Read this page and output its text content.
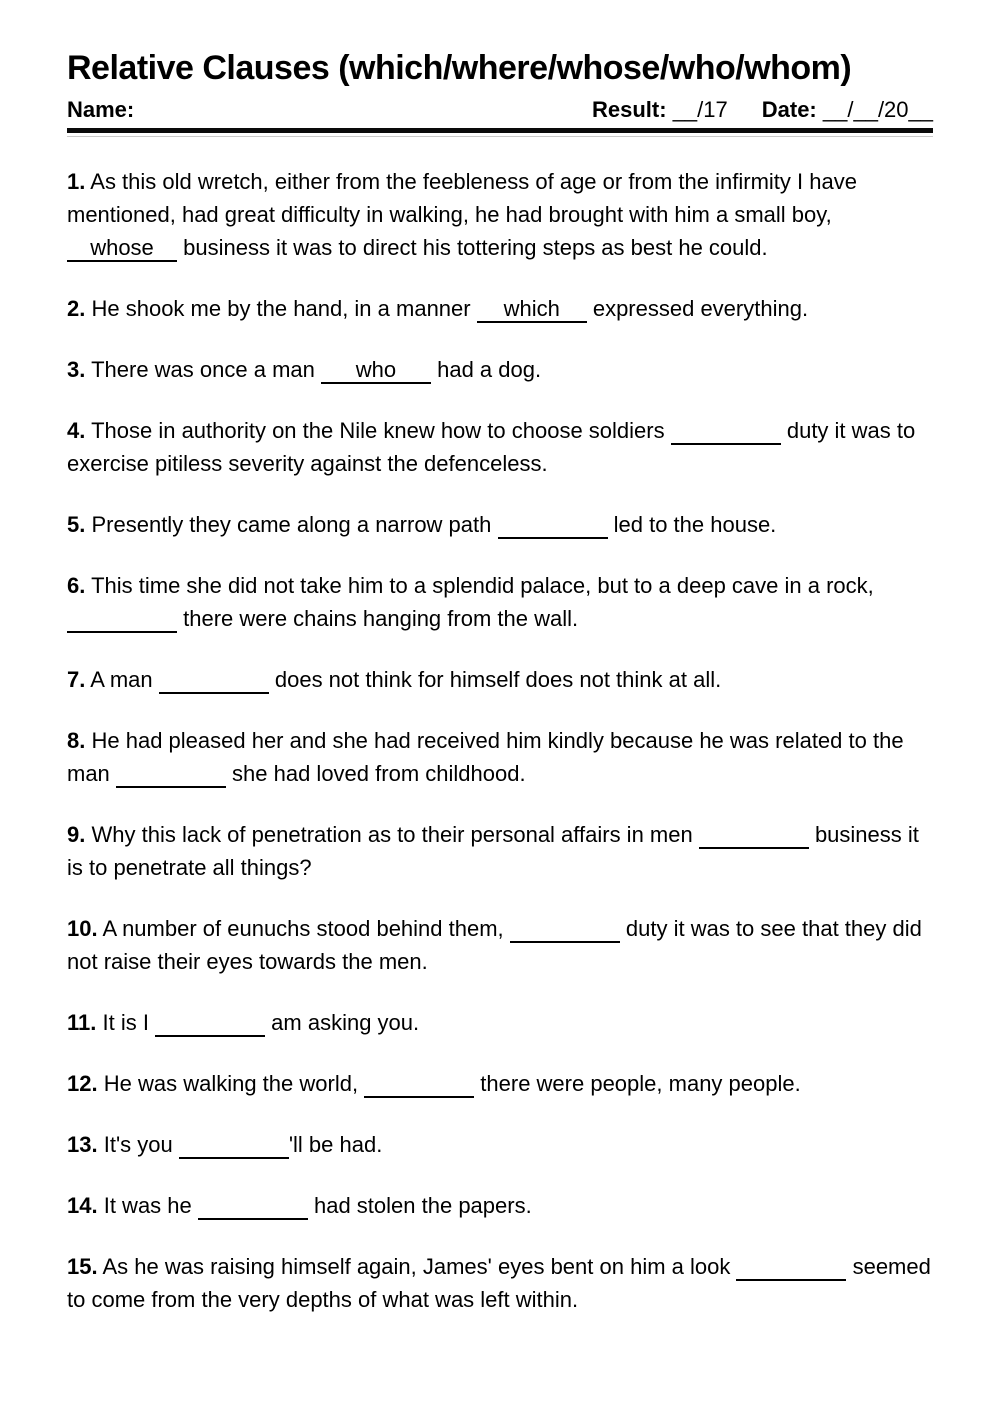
Relative Clauses (which/where/whose/who/whom)
Name:	Result: __/17 Date: __/__/20__

1. As this old wretch, either from the feebleness of age or from the infirmity I have mentioned, had great difficulty in walking, he had brought with him a small boy, whose business it was to direct his tottering steps as best he could.

2. He shook me by the hand, in a manner which expressed everything.

3. There was once a man who had a dog.

4. Those in authority on the Nile knew how to choose soldiers	duty it was to exercise pitiless severity against the defenceless.

5. Presently they came along a narrow path	led to the house.

6. This time she did not take him to a splendid palace, but to a deep cave in a rock,   there were chains hanging from the wall.

7. A man	does not think for himself does not think at all.

8. He had pleased her and she had received him kindly because he was related to the man	she had loved from childhood.

9. Why this lack of penetration as to their personal affairs in men	business it is to penetrate all things?

10. A number of eunuchs stood behind them,	duty it was to see that they did not raise their eyes towards the men.

11. It is I	am asking you.

12. He was walking the world,	there were people, many people.

13. It's you	'll be had.

14. It was he	had stolen the papers.

15. As he was raising himself again, James' eyes bent on him a look	seemed to come from the very depths of what was left within.
